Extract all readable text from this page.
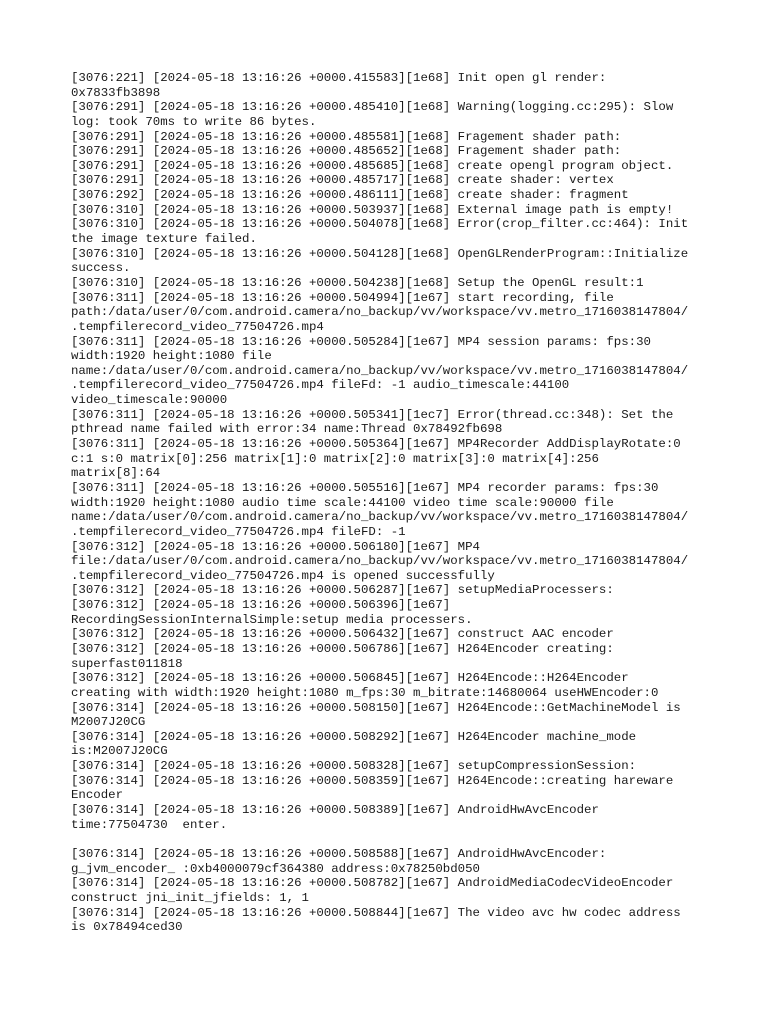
[3076:221] [2024-05-18 13:16:26 +0000.415583][1e68] Init open gl render:
0x7833fb3898
[3076:291] [2024-05-18 13:16:26 +0000.485410][1e68] Warning(logging.cc:295): Slow
log: took 70ms to write 86 bytes.
[3076:291] [2024-05-18 13:16:26 +0000.485581][1e68] Fragement shader path:
[3076:291] [2024-05-18 13:16:26 +0000.485652][1e68] Fragement shader path:
[3076:291] [2024-05-18 13:16:26 +0000.485685][1e68] create opengl program object.
[3076:291] [2024-05-18 13:16:26 +0000.485717][1e68] create shader: vertex
[3076:292] [2024-05-18 13:16:26 +0000.486111][1e68] create shader: fragment
[3076:310] [2024-05-18 13:16:26 +0000.503937][1e68] External image path is empty!
[3076:310] [2024-05-18 13:16:26 +0000.504078][1e68] Error(crop_filter.cc:464): Init
the image texture failed.
[3076:310] [2024-05-18 13:16:26 +0000.504128][1e68] OpenGLRenderProgram::Initialize
success.
[3076:310] [2024-05-18 13:16:26 +0000.504238][1e68] Setup the OpenGL result:1
[3076:311] [2024-05-18 13:16:26 +0000.504994][1e67] start recording, file
path:/data/user/0/com.android.camera/no_backup/vv/workspace/vv.metro_1716038147804/
.tempfilerecord_video_77504726.mp4
[3076:311] [2024-05-18 13:16:26 +0000.505284][1e67] MP4 session params: fps:30
width:1920 height:1080 file
name:/data/user/0/com.android.camera/no_backup/vv/workspace/vv.metro_1716038147804/
.tempfilerecord_video_77504726.mp4 fileFd: -1 audio_timescale:44100
video_timescale:90000
[3076:311] [2024-05-18 13:16:26 +0000.505341][1ec7] Error(thread.cc:348): Set the
pthread name failed with error:34 name:Thread 0x78492fb698
[3076:311] [2024-05-18 13:16:26 +0000.505364][1e67] MP4Recorder AddDisplayRotate:0
c:1 s:0 matrix[0]:256 matrix[1]:0 matrix[2]:0 matrix[3]:0 matrix[4]:256
matrix[8]:64
[3076:311] [2024-05-18 13:16:26 +0000.505516][1e67] MP4 recorder params: fps:30
width:1920 height:1080 audio time scale:44100 video time scale:90000 file
name:/data/user/0/com.android.camera/no_backup/vv/workspace/vv.metro_1716038147804/
.tempfilerecord_video_77504726.mp4 fileFD: -1
[3076:312] [2024-05-18 13:16:26 +0000.506180][1e67] MP4
file:/data/user/0/com.android.camera/no_backup/vv/workspace/vv.metro_1716038147804/
.tempfilerecord_video_77504726.mp4 is opened successfully
[3076:312] [2024-05-18 13:16:26 +0000.506287][1e67] setupMediaProcessers:
[3076:312] [2024-05-18 13:16:26 +0000.506396][1e67]
RecordingSessionInternalSimple:setup media processers.
[3076:312] [2024-05-18 13:16:26 +0000.506432][1e67] construct AAC encoder
[3076:312] [2024-05-18 13:16:26 +0000.506786][1e67] H264Encoder creating:
superfast011818
[3076:312] [2024-05-18 13:16:26 +0000.506845][1e67] H264Encode::H264Encoder
creating with width:1920 height:1080 m_fps:30 m_bitrate:14680064 useHWEncoder:0
[3076:314] [2024-05-18 13:16:26 +0000.508150][1e67] H264Encode::GetMachineModel is
M2007J20CG
[3076:314] [2024-05-18 13:16:26 +0000.508292][1e67] H264Encoder machine_mode
is:M2007J20CG
[3076:314] [2024-05-18 13:16:26 +0000.508328][1e67] setupCompressionSession:
[3076:314] [2024-05-18 13:16:26 +0000.508359][1e67] H264Encode::creating hareware
Encoder
[3076:314] [2024-05-18 13:16:26 +0000.508389][1e67] AndroidHwAvcEncoder
time:77504730  enter.
[3076:314] [2024-05-18 13:16:26 +0000.508588][1e67] AndroidHwAvcEncoder:
g_jvm_encoder_ :0xb4000079cf364380 address:0x78250bd050
[3076:314] [2024-05-18 13:16:26 +0000.508782][1e67] AndroidMediaCodecVideoEncoder
construct jni_init_jfields: 1, 1
[3076:314] [2024-05-18 13:16:26 +0000.508844][1e67] The video avc hw codec address
is 0x78494ced30
